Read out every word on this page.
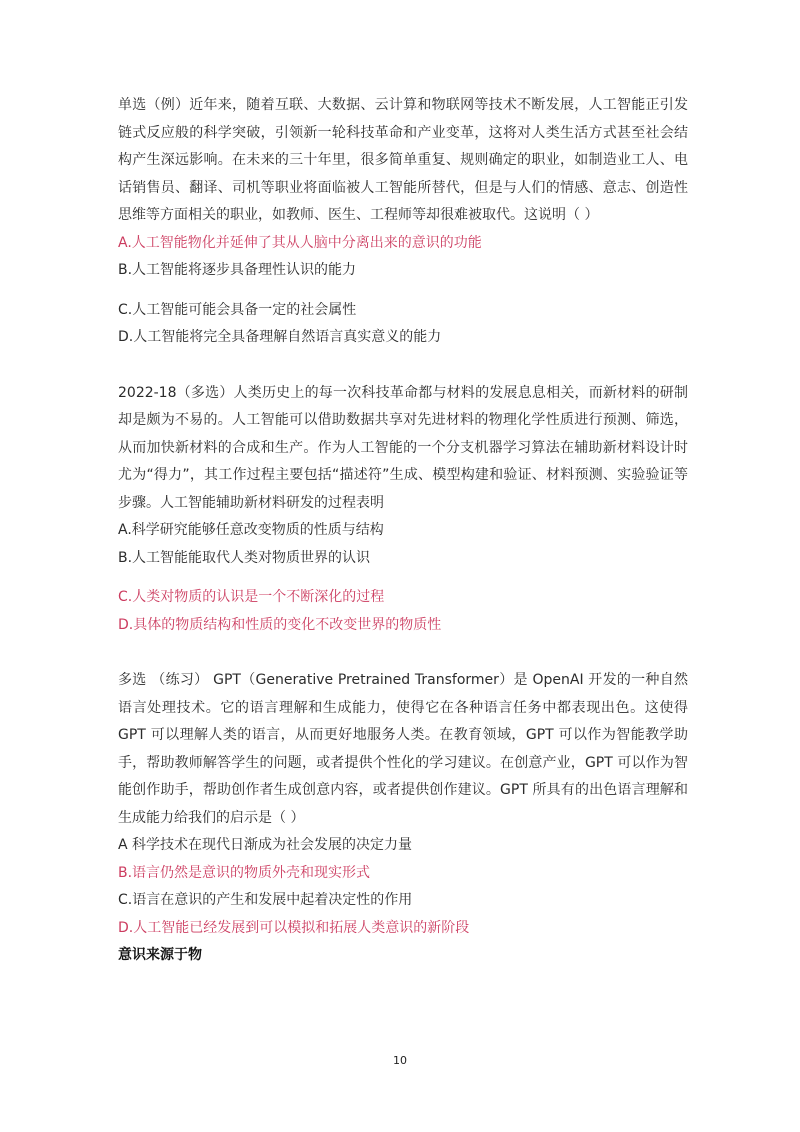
单选（例）近年来，随着互联、大数据、云计算和物联网等技术不断发展，人工智能正引发链式反应般的科学突破，引领新一轮科技革命和产业变革，这将对人类生活方式甚至社会结构产生深远影响。在未来的三十年里，很多简单重复、规则确定的职业，如制造业工人、电话销售员、翻译、司机等职业将面临被人工智能所替代，但是与人们的情感、意志、创造性思维等方面相关的职业，如教师、医生、工程师等却很难被取代。这说明（ ）

A.人工智能物化并延伸了其从人脑中分离出来的意识的功能

B.人工智能将逐步具备理性认识的能力

C.人工智能可能会具备一定的社会属性

D.人工智能将完全具备理解自然语言真实意义的能力

2022-18（多选）人类历史上的每一次科技革命都与材料的发展息息相关，而新材料的研制却是颇为不易的。人工智能可以借助数据共享对先进材料的物理化学性质进行预测、筛选，从而加快新材料的合成和生产。作为人工智能的一个分支机器学习算法在辅助新材料设计时尤为“得力”，其工作过程主要包括“描述符”生成、模型构建和验证、材料预测、实验验证等步骤。人工智能辅助新材料研发的过程表明

A.科学研究能够任意改变物质的性质与结构

B.人工智能能取代人类对物质世界的认识

C.人类对物质的认识是一个不断深化的过程

D.具体的物质结构和性质的变化不改变世界的物质性

多选 （练习） GPT（Generative Pretrained Transformer）是 OpenAI 开发的一种自然语言处理技术。它的语言理解和生成能力，使得它在各种语言任务中都表现出色。这使得 GPT 可以理解人类的语言，从而更好地服务人类。在教育领域，GPT 可以作为智能教学助手，帮助教师解答学生的问题，或者提供个性化的学习建议。在创意产业，GPT 可以作为智能创作助手，帮助创作者生成创意内容，或者提供创作建议。GPT 所具有的出色语言理解和生成能力给我们的启示是（ ）

A 科学技术在现代日渐成为社会发展的决定力量

B.语言仍然是意识的物质外壳和现实形式

C.语言在意识的产生和发展中起着决定性的作用

D.人工智能已经发展到可以模拟和拓展人类意识的新阶段

意识来源于物

10
